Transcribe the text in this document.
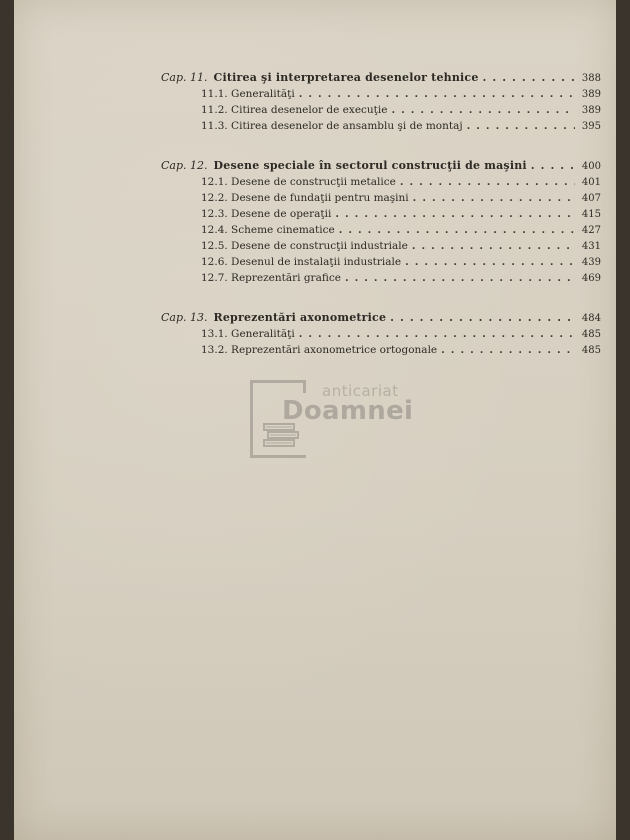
Cap. 11. Citirea şi interpretarea desenelor tehnice .....	388
11.1. Generalităţi .....	389
11.2. Citirea desenelor de execuţie .....	389
11.3. Citirea desenelor de ansamblu şi de montaj .....	395
Cap. 12. Desene speciale în sectorul construcţii de maşini .....	400
12.1. Desene de construcţii metalice .....	401
12.2. Desene de fundaţii pentru maşini .....	407
12.3. Desene de operaţii .....	415
12.4. Scheme cinematice .....	427
12.5. Desene de construcţii industriale .....	431
12.6. Desenul de instalaţii industriale .....	439
12.7. Reprezentări grafice .....	469
Cap. 13. Reprezentări axonometrice .....	484
13.1. Generalităţi .....	485
13.2. Reprezentări axonometrice ortogonale .....	485
anticariat
Doamnei
